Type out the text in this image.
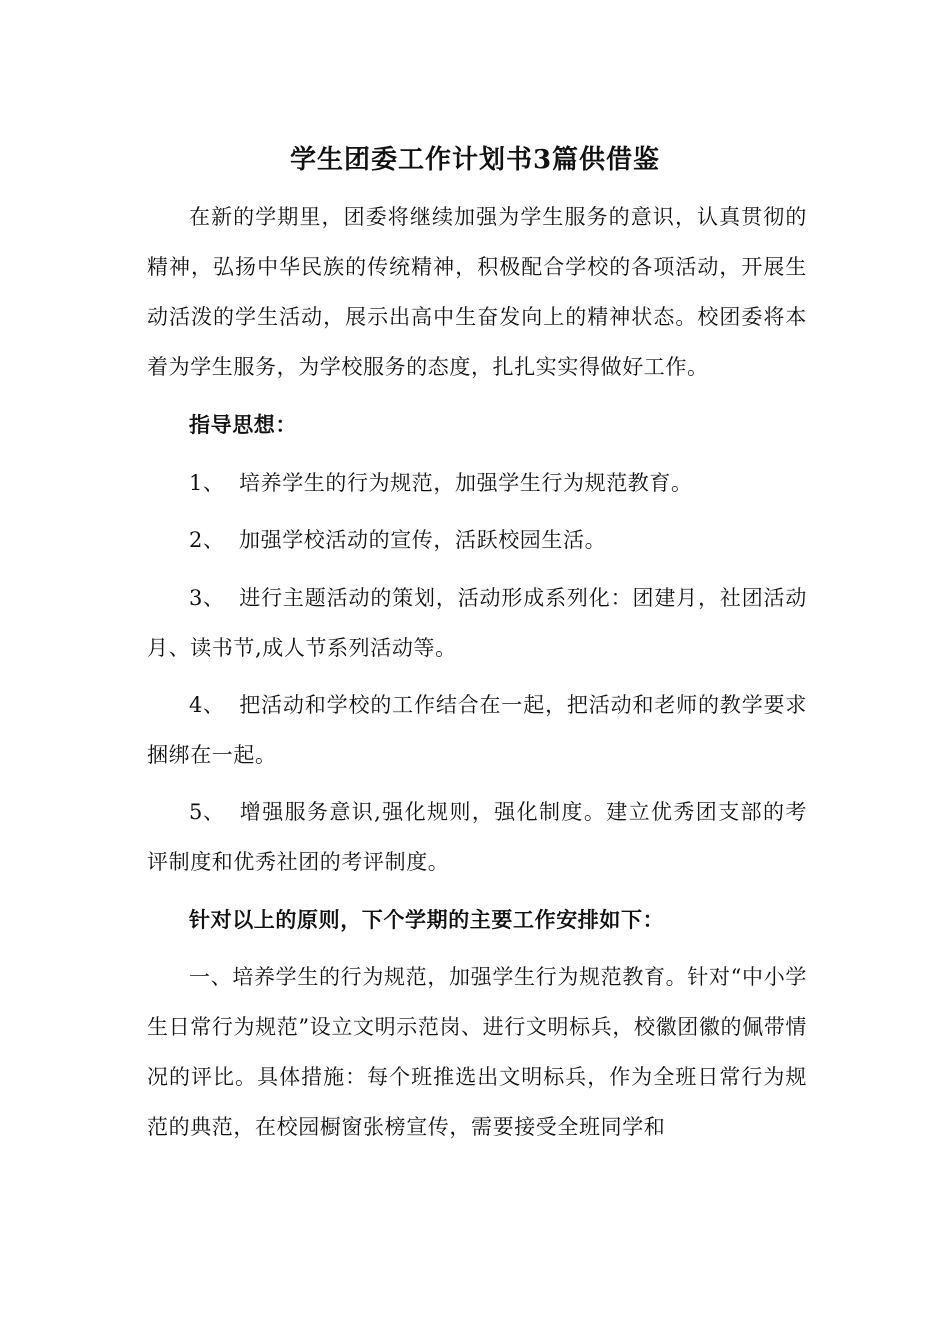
学生团委工作计划书3篇供借鉴

在新的学期里，团委将继续加强为学生服务的意识，认真贯彻的精神，弘扬中华民族的传统精神，积极配合学校的各项活动，开展生动活泼的学生活动，展示出高中生奋发向上的精神状态。校团委将本着为学生服务，为学校服务的态度，扎扎实实得做好工作。

指导思想：

1、 培养学生的行为规范，加强学生行为规范教育。

2、 加强学校活动的宣传，活跃校园生活。

3、 进行主题活动的策划，活动形成系列化：团建月，社团活动月、读书节,成人节系列活动等。

4、 把活动和学校的工作结合在一起，把活动和老师的教学要求捆绑在一起。

5、 增强服务意识,强化规则，强化制度。建立优秀团支部的考评制度和优秀社团的考评制度。

针对以上的原则，下个学期的主要工作安排如下：

一、培养学生的行为规范，加强学生行为规范教育。针对“中小学生日常行为规范”设立文明示范岗、进行文明标兵，校徽团徽的佩带情况的评比。具体措施：每个班推选出文明标兵，作为全班日常行为规范的典范，在校园橱窗张榜宣传，需要接受全班同学和
